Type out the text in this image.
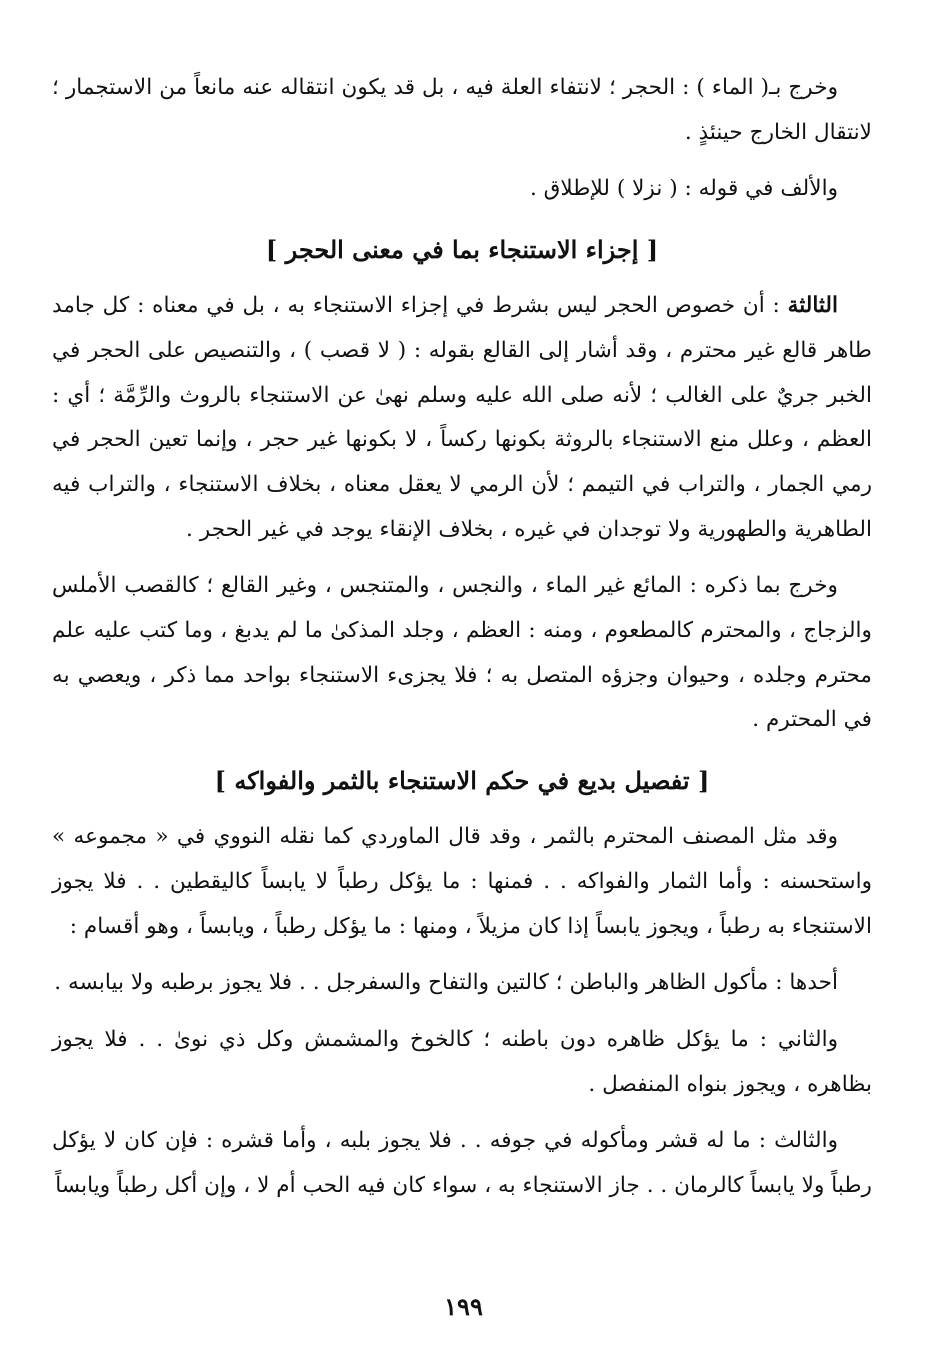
وخرج بـ( الماء ) : الحجر ؛ لانتفاء العلة فيه ، بل قد يكون انتقاله عنه مانعاً من الاستجمار ؛ لانتقال الخارج حينئذٍ .

والألف في قوله : ( نزلا ) للإطلاق .

[ إجزاء الاستنجاء بما في معنى الحجر ]

الثالثة : أن خصوص الحجر ليس بشرط في إجزاء الاستنجاء به ، بل في معناه : كل جامد طاهر قالع غير محترم ، وقد أشار إلى القالع بقوله : ( لا قصب ) ، والتنصيص على الحجر في الخبر جريٌ على الغالب ؛ لأنه صلى الله عليه وسلم نهىٰ عن الاستنجاء بالروث والرِّمَّة ؛ أي : العظم ، وعلل منع الاستنجاء بالروثة بكونها ركساً ، لا بكونها غير حجر ، وإنما تعين الحجر في رمي الجمار ، والتراب في التيمم ؛ لأن الرمي لا يعقل معناه ، بخلاف الاستنجاء ، والتراب فيه الطاهرية والطهورية ولا توجدان في غيره ، بخلاف الإنقاء يوجد في غير الحجر .

وخرج بما ذكره : المائع غير الماء ، والنجس ، والمتنجس ، وغير القالع ؛ كالقصب الأملس والزجاج ، والمحترم كالمطعوم ، ومنه : العظم ، وجلد المذكىٰ ما لم يدبغ ، وما كتب عليه علم محترم وجلده ، وحيوان وجزؤه المتصل به ؛ فلا يجزىء الاستنجاء بواحد مما ذكر ، ويعصي به في المحترم .

[ تفصيل بديع في حكم الاستنجاء بالثمر والفواكه ]

وقد مثل المصنف المحترم بالثمر ، وقد قال الماوردي كما نقله النووي في « مجموعه » واستحسنه : وأما الثمار والفواكه . . فمنها : ما يؤكل رطباً لا يابساً كاليقطين . . فلا يجوز الاستنجاء به رطباً ، ويجوز يابساً إذا كان مزيلاً ، ومنها : ما يؤكل رطباً ، ويابساً ، وهو أقسام :

أحدها : مأكول الظاهر والباطن ؛ كالتين والتفاح والسفرجل . . فلا يجوز برطبه ولا بيابسه .

والثاني : ما يؤكل ظاهره دون باطنه ؛ كالخوخ والمشمش وكل ذي نوىٰ . . فلا يجوز بظاهره ، ويجوز بنواه المنفصل .

والثالث : ما له قشر ومأكوله في جوفه . . فلا يجوز بلبه ، وأما قشره : فإن كان لا يؤكل رطباً ولا يابساً كالرمان . . جاز الاستنجاء به ، سواء كان فيه الحب أم لا ، وإن أكل رطباً ويابساً

١٩٩
